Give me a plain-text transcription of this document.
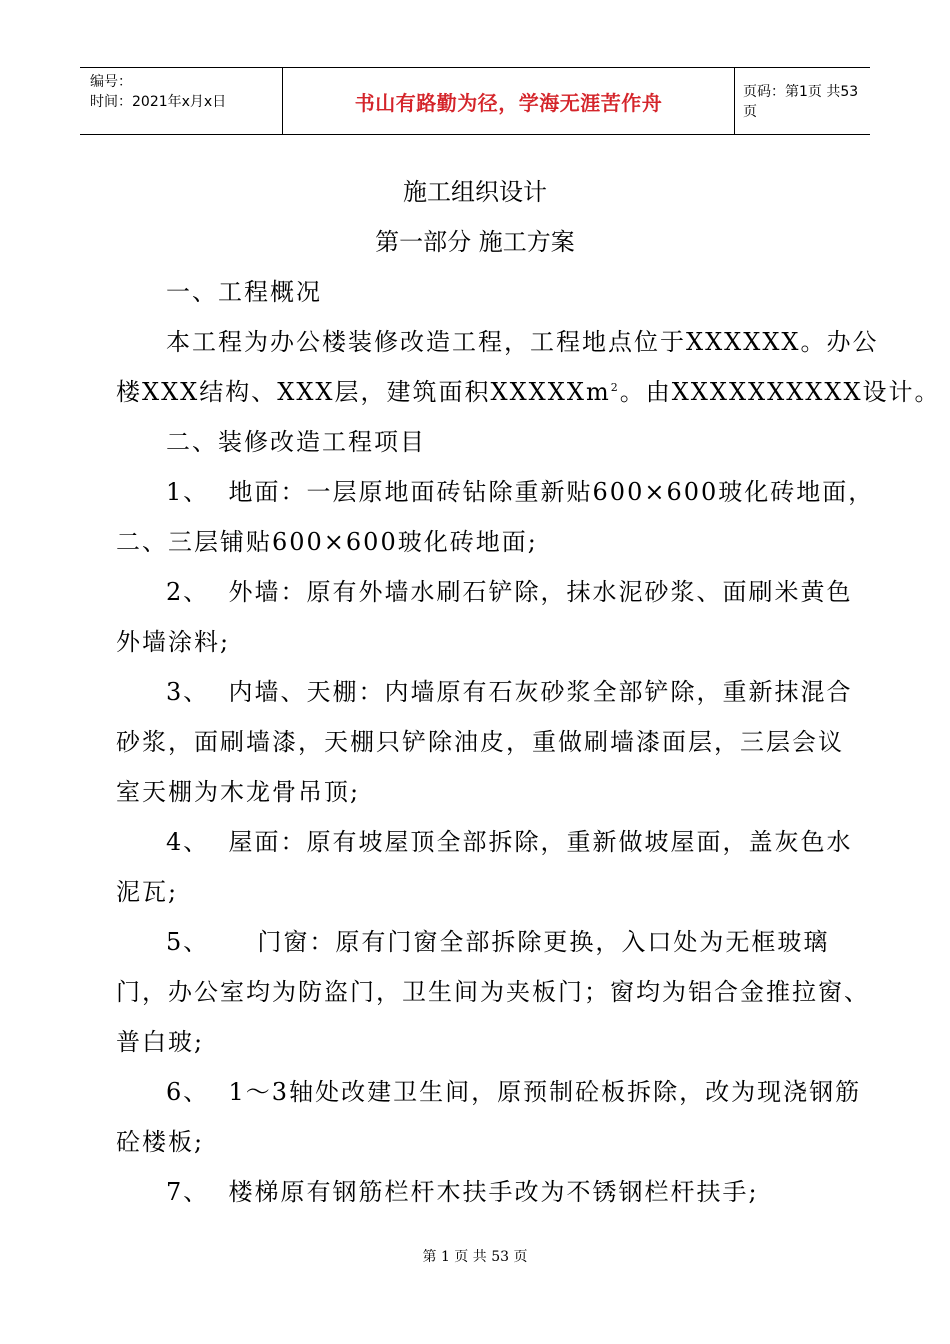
编号：
时间：2021年x月x日	书山有路勤为径，学海无涯苦作舟	页码：第1页 共53页
施工组织设计
第一部分 施工方案
一、工程概况
本工程为办公楼装修改造工程，工程地点位于XXXXXX。办公
楼XXX结构、XXX层，建筑面积XXXXXm$^2$。由XXXXXXXXXX设计。
二、装修改造工程项目
1、  地面：一层原地面砖钻除重新贴600×600玻化砖地面，
二、三层铺贴600×600玻化砖地面;
2、  外墙：原有外墙水刷石铲除，抹水泥砂浆、面刷米黄色
外墙涂料;
3、  内墙、天棚：内墙原有石灰砂浆全部铲除，重新抹混合
砂浆，面刷墙漆，天棚只铲除油皮，重做刷墙漆面层，三层会议
室天棚为木龙骨吊顶;
4、  屋面：原有坡屋顶全部拆除，重新做坡屋面，盖灰色水
泥瓦;
5、     门窗：原有门窗全部拆除更换，入口处为无框玻璃
门，办公室均为防盗门，卫生间为夹板门；窗均为铝合金推拉窗、
普白玻;
6、  1～3轴处改建卫生间，原预制砼板拆除，改为现浇钢筋
砼楼板;
7、  楼梯原有钢筋栏杆木扶手改为不锈钢栏杆扶手;
第 1 页 共 53 页
